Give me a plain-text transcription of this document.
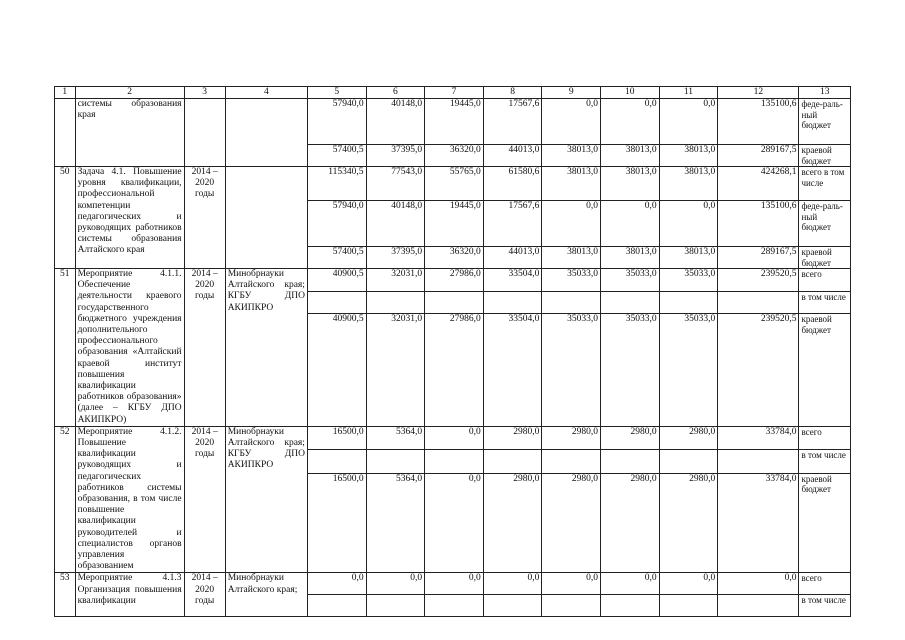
1	2	3	4	5	6	7	8	9	10	11	12	13
	системы образования края			57940,0	40148,0	19445,0	17567,6	0,0	0,0	0,0	135100,6	феде-раль-ный бюджет
				57400,5	37395,0	36320,0	44013,0	38013,0	38013,0	38013,0	289167,5	краевой бюджет
50	Задача 4.1. Повышение уровня квалификации, профессиональной компетенции педагогических и руководящих работников системы образования Алтайского края	2014 – 2020 годы		115340,5	77543,0	55765,0	61580,6	38013,0	38013,0	38013,0	424268,1	всего в том числе
				57940,0	40148,0	19445,0	17567,6	0,0	0,0	0,0	135100,6	феде-раль-ный бюджет
				57400,5	37395,0	36320,0	44013,0	38013,0	38013,0	38013,0	289167,5	краевой бюджет
51	Мероприятие 4.1.1. Обеспечение деятельности краевого государственного бюджетного учреждения дополнительного профессионального образования «Алтайский краевой институт повышения квалификации работников образования» (далее – КГБУ ДПО АКИПКРО)	2014 – 2020 годы	Минобрнауки Алтайского края; КГБУ ДПО АКИПКРО	40900,5	32031,0	27986,0	33504,0	35033,0	35033,0	35033,0	239520,5	всего
												в том числе
				40900,5	32031,0	27986,0	33504,0	35033,0	35033,0	35033,0	239520,5	краевой бюджет
52	Мероприятие 4.1.2. Повышение квалификации руководящих и педагогических работников системы образования, в том числе повышение квалификации руководителей и специалистов органов управления образованием	2014 – 2020 годы	Минобрнауки Алтайского края; КГБУ ДПО АКИПКРО	16500,0	5364,0	0,0	2980,0	2980,0	2980,0	2980,0	33784,0	всего
												в том числе
				16500,0	5364,0	0,0	2980,0	2980,0	2980,0	2980,0	33784,0	краевой бюджет
53	Мероприятие 4.1.3 Организация повышения квалификации	2014 – 2020 годы	Минобрнауки Алтайского края;	0,0	0,0	0,0	0,0	0,0	0,0	0,0	0,0	всего
												в том числе
